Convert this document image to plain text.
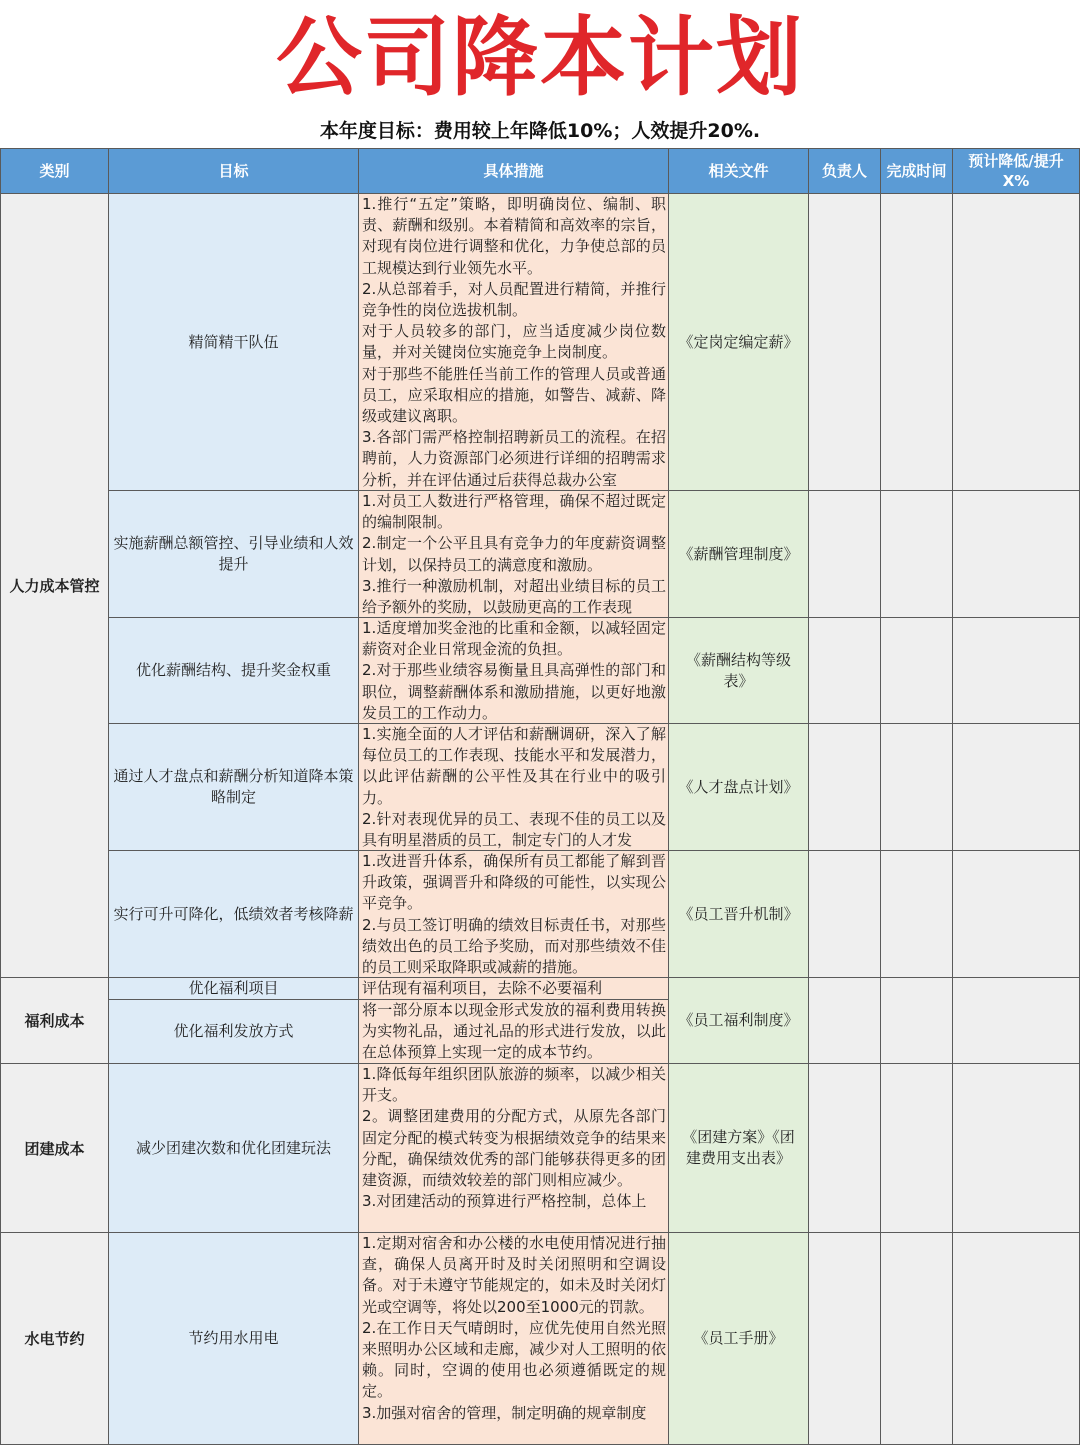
公司降本计划
本年度目标：费用较上年降低10%；人效提升20%.
类别	目标	具体措施	相关文件	负责人	完成时间	预计降低/提升X%
人力成本管控	精简精干队伍	1.推行“五定”策略，即明确岗位、编制、职责、薪酬和级别。本着精简和高效率的宗旨，对现有岗位进行调整和优化，力争使总部的员工规模达到行业领先水平。
2.从总部着手，对人员配置进行精简，并推行竞争性的岗位选拔机制。
对于人员较多的部门，应当适度减少岗位数量，并对关键岗位实施竞争上岗制度。
对于那些不能胜任当前工作的管理人员或普通员工，应采取相应的措施，如警告、减薪、降级或建议离职。
3.各部门需严格控制招聘新员工的流程。在招聘前，人力资源部门必须进行详细的招聘需求分析，并在评估通过后获得总裁办公室	《定岗定编定薪》			
	实施薪酬总额管控、引导业绩和人效提升	1.对员工人数进行严格管理，确保不超过既定的编制限制。
2.制定一个公平且具有竞争力的年度薪资调整计划，以保持员工的满意度和激励。
3.推行一种激励机制，对超出业绩目标的员工给予额外的奖励，以鼓励更高的工作表现	《薪酬管理制度》			
	优化薪酬结构、提升奖金权重	1.适度增加奖金池的比重和金额，以减轻固定薪资对企业日常现金流的负担。
2.对于那些业绩容易衡量且具高弹性的部门和职位，调整薪酬体系和激励措施，以更好地激发员工的工作动力。	《薪酬结构等级表》			
	通过人才盘点和薪酬分析知道降本策略制定	1.实施全面的人才评估和薪酬调研，深入了解每位员工的工作表现、技能水平和发展潜力，以此评估薪酬的公平性及其在行业中的吸引力。
2.针对表现优异的员工、表现不佳的员工以及具有明星潜质的员工，制定专门的人才发	《人才盘点计划》			
	实行可升可降化，低绩效者考核降薪	1.改进晋升体系，确保所有员工都能了解到晋升政策，强调晋升和降级的可能性，以实现公平竞争。
2.与员工签订明确的绩效目标责任书，对那些绩效出色的员工给予奖励，而对那些绩效不佳的员工则采取降职或减薪的措施。	《员工晋升机制》			
福利成本	优化福利项目	评估现有福利项目，去除不必要福利	《员工福利制度》			
	优化福利发放方式	将一部分原本以现金形式发放的福利费用转换为实物礼品，通过礼品的形式进行发放，以此在总体预算上实现一定的成本节约。				

团建成本	减少团建次数和优化团建玩法	1.降低每年组织团队旅游的频率，以减少相关开支。
2。调整团建费用的分配方式，从原先各部门固定分配的模式转变为根据绩效竞争的结果来分配，确保绩效优秀的部门能够获得更多的团建资源，而绩效较差的部门则相应减少。
3.对团建活动的预算进行严格控制，总体上	《团建方案》《团建费用支出表》			
水电节约	节约用水用电	1.定期对宿舍和办公楼的水电使用情况进行抽查，确保人员离开时及时关闭照明和空调设备。对于未遵守节能规定的，如未及时关闭灯光或空调等，将处以200至1000元的罚款。
2.在工作日天气晴朗时，应优先使用自然光照来照明办公区域和走廊，减少对人工照明的依赖。同时，空调的使用也必须遵循既定的规定。
3.加强对宿舍的管理，制定明确的规章制度	《员工手册》			
